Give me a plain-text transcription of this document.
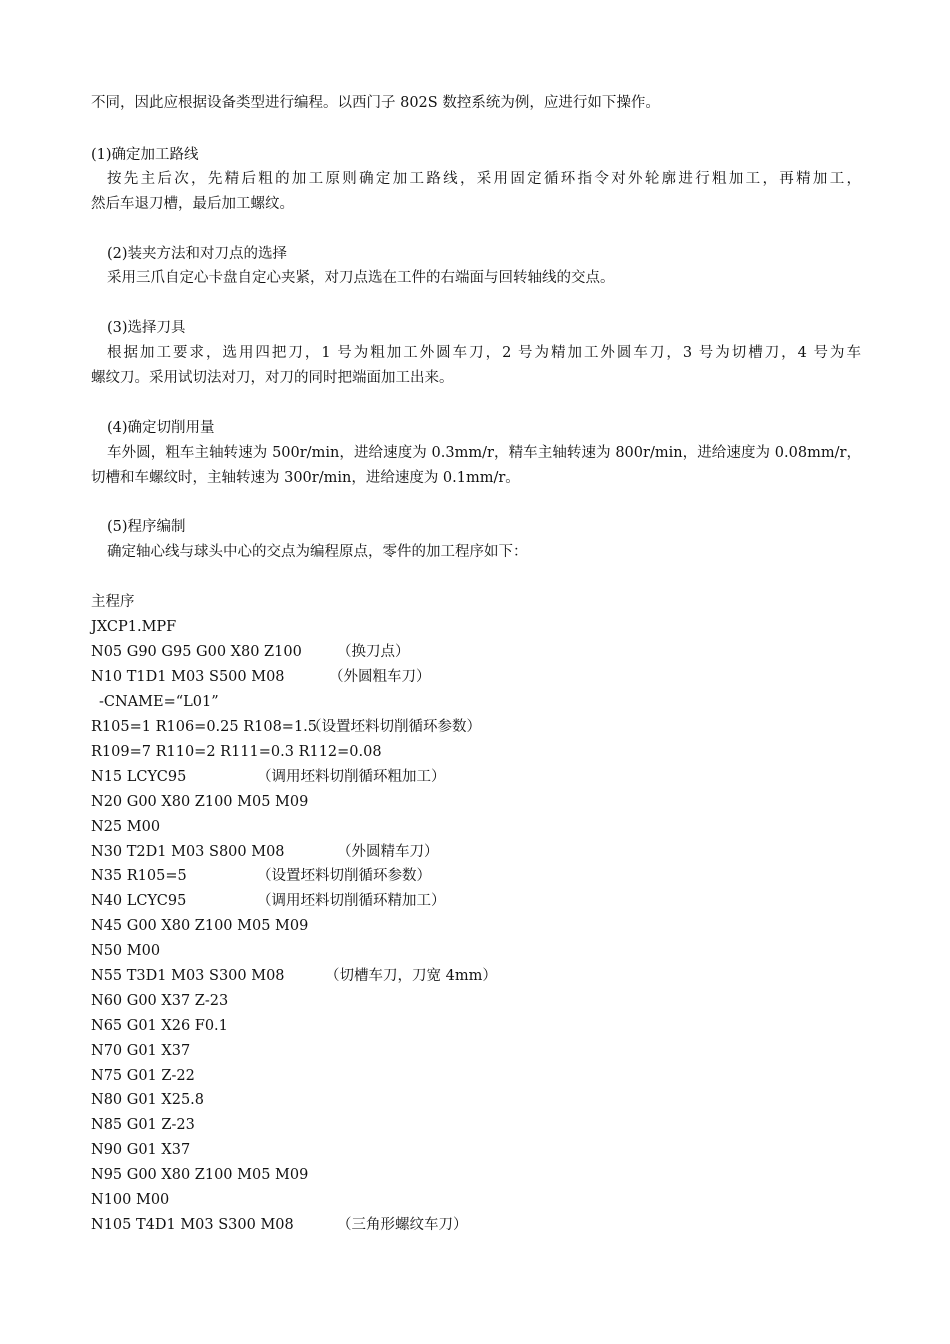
不同，因此应根据设备类型进行编程。以西门子 802S 数控系统为例，应进行如下操作。

(1)确定加工路线

按先主后次，先精后粗的加工原则确定加工路线，采用固定循环指令对外轮廓进行粗加工，再精加工，

然后车退刀槽，最后加工螺纹。

(2)装夹方法和对刀点的选择

采用三爪自定心卡盘自定心夹紧，对刀点选在工件的右端面与回转轴线的交点。

(3)选择刀具

根据加工要求，选用四把刀，1 号为粗加工外圆车刀，2 号为精加工外圆车刀，3 号为切槽刀，4 号为车

螺纹刀。采用试切法对刀，对刀的同时把端面加工出来。

(4)确定切削用量

车外圆，粗车主轴转速为 500r/min，进给速度为 0.3mm/r，精车主轴转速为 800r/min，进给速度为 0.08mm/r，

切槽和车螺纹时，主轴转速为 300r/min，进给速度为 0.1mm/r。

(5)程序编制

确定轴心线与球头中心的交点为编程原点，零件的加工程序如下：

主程序

JXCP1.MPF

N05 G90 G95 G00 X80 Z100 （换刀点）
N10 T1D1 M03 S500 M08	（外圆粗车刀）
-CNAME=“L01”
R105=1 R106=0.25 R108=1.5
（设置坯料切削循环参数）
R109=7 R110=2 R111=0.3 R112=0.08
N15 LCYC95	（调用坯料切削循环粗加工）
N20 G00 X80 Z100 M05 M09
N25 M00
N30 T2D1 M03 S800 M08	（外圆精车刀）
N35 R105=5	（设置坯料切削循环参数）
N40 LCYC95	（调用坯料切削循环精加工）
N45 G00 X80 Z100 M05 M09
N50 M00
N55 T3D1 M03 S300 M08	（切槽车刀，刀宽 4mm）
N60 G00 X37 Z-23
N65 G01 X26 F0.1
N70 G01 X37
N75 G01 Z-22
N80 G01 X25.8
N85 G01 Z-23
N90 G01 X37
N95 G00 X80 Z100 M05 M09
N100 M00
N105 T4D1 M03 S300 M08	（三角形螺纹车刀）
